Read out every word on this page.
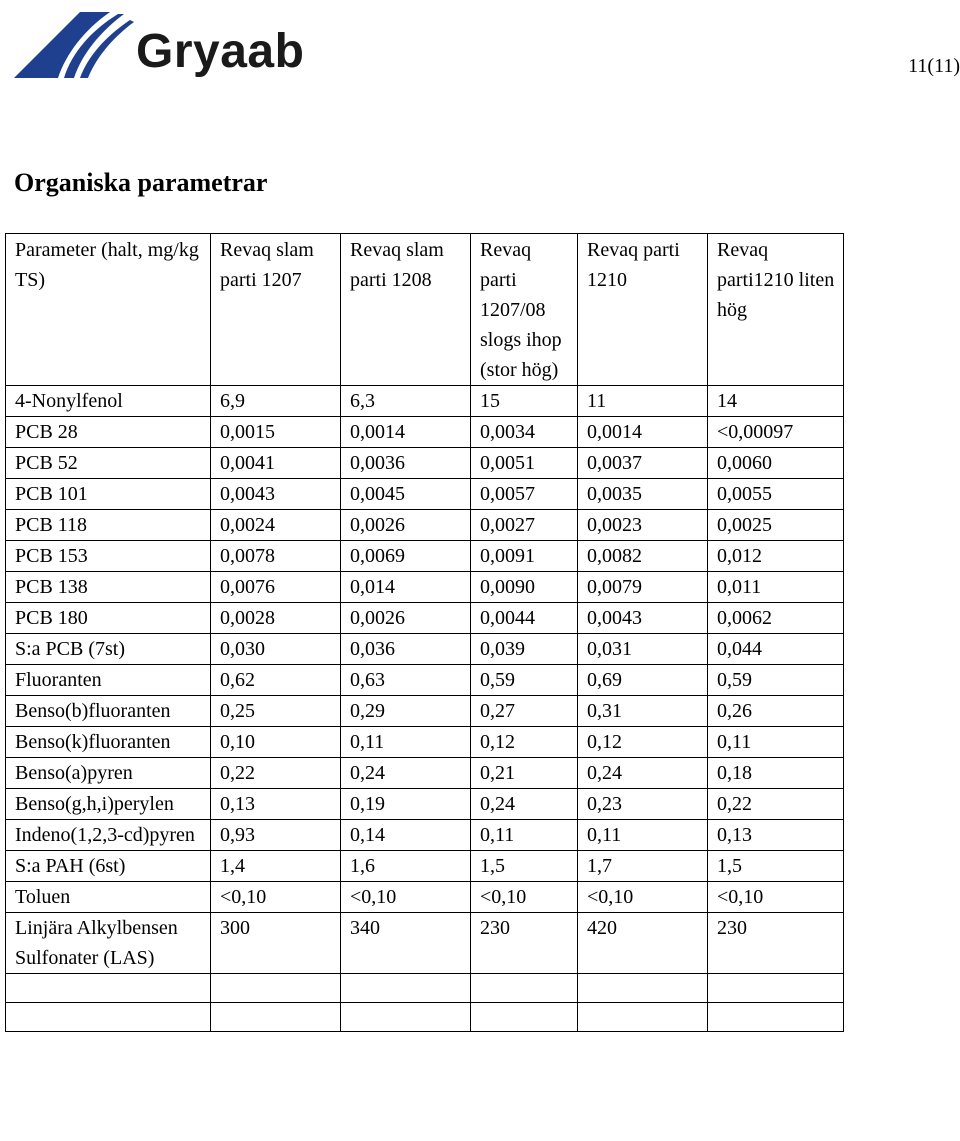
Gryaab	11(11)
Organiska parametrar
Parameter (halt, mg/kg TS)	Revaq slam parti 1207	Revaq slam parti 1208	Revaq parti 1207/08 slogs ihop (stor hög)	Revaq parti 1210	Revaq parti1210 liten hög
4-Nonylfenol	6,9	6,3	15	11	14
PCB 28	0,0015	0,0014	0,0034	0,0014	<0,00097
PCB 52	0,0041	0,0036	0,0051	0,0037	0,0060
PCB 101	0,0043	0,0045	0,0057	0,0035	0,0055
PCB 118	0,0024	0,0026	0,0027	0,0023	0,0025
PCB 153	0,0078	0,0069	0,0091	0,0082	0,012
PCB 138	0,0076	0,014	0,0090	0,0079	0,011
PCB 180	0,0028	0,0026	0,0044	0,0043	0,0062
S:a PCB (7st)	0,030	0,036	0,039	0,031	0,044
Fluoranten	0,62	0,63	0,59	0,69	0,59
Benso(b)fluoranten	0,25	0,29	0,27	0,31	0,26
Benso(k)fluoranten	0,10	0,11	0,12	0,12	0,11
Benso(a)pyren	0,22	0,24	0,21	0,24	0,18
Benso(g,h,i)perylen	0,13	0,19	0,24	0,23	0,22
Indeno(1,2,3-cd)pyren	0,93	0,14	0,11	0,11	0,13
S:a PAH (6st)	1,4	1,6	1,5	1,7	1,5
Toluen	<0,10	<0,10	<0,10	<0,10	<0,10
Linjära Alkylbensen Sulfonater (LAS)	300	340	230	420	230
